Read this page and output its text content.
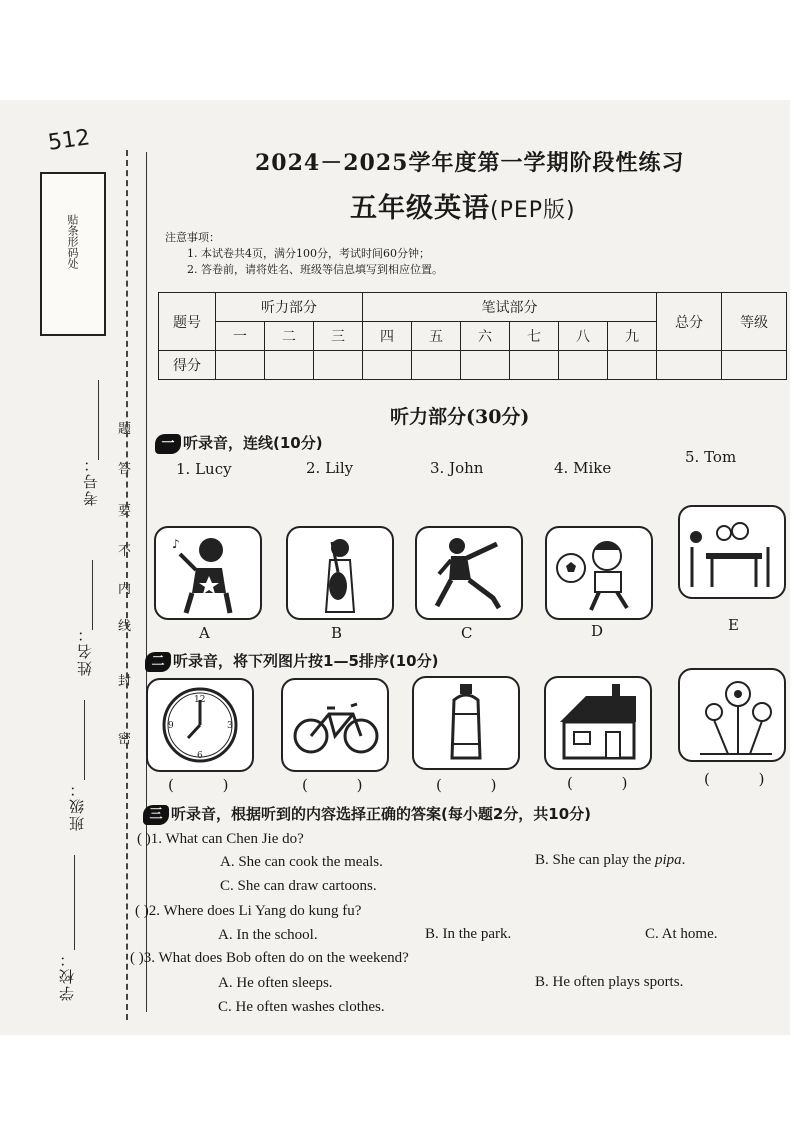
512
贴条形码处
密
封
线
内
不
要
答
题
考号：
姓名：
班级：
学校：
2024－2025学年度第一学期阶段性练习
五年级英语(PEP版)
注意事项：
1. 本试卷共4页，满分100分，考试时间60分钟；
2. 答卷前，请将姓名、班级等信息填写到相应位置。
题号	听力部分			笔试部分						总分	等级
	一	二	三	四	五	六	七	八	九		
得分											
听力部分(30分)
一 听录音，连线(10分)
1. Lucy	2. Lily	3. John	4. Mike
5. Tom
♪
A	B	C	D	E
二 听录音，将下列图片按1—5排序(10分)
12
3
6
9
( )	( )	( )	( )	( )
三 听录音，根据听到的内容选择正确的答案(每小题2分，共10分)
( )1. What can Chen Jie do?
A. She can cook the meals.	B. She can play the pipa.
C. She can draw cartoons.
( )2. Where does Li Yang do kung fu?
A. In the school.	B. In the park.	C. At home.
( )3. What does Bob often do on the weekend?
A. He often sleeps.	B. He often plays sports.
C. He often washes clothes.
